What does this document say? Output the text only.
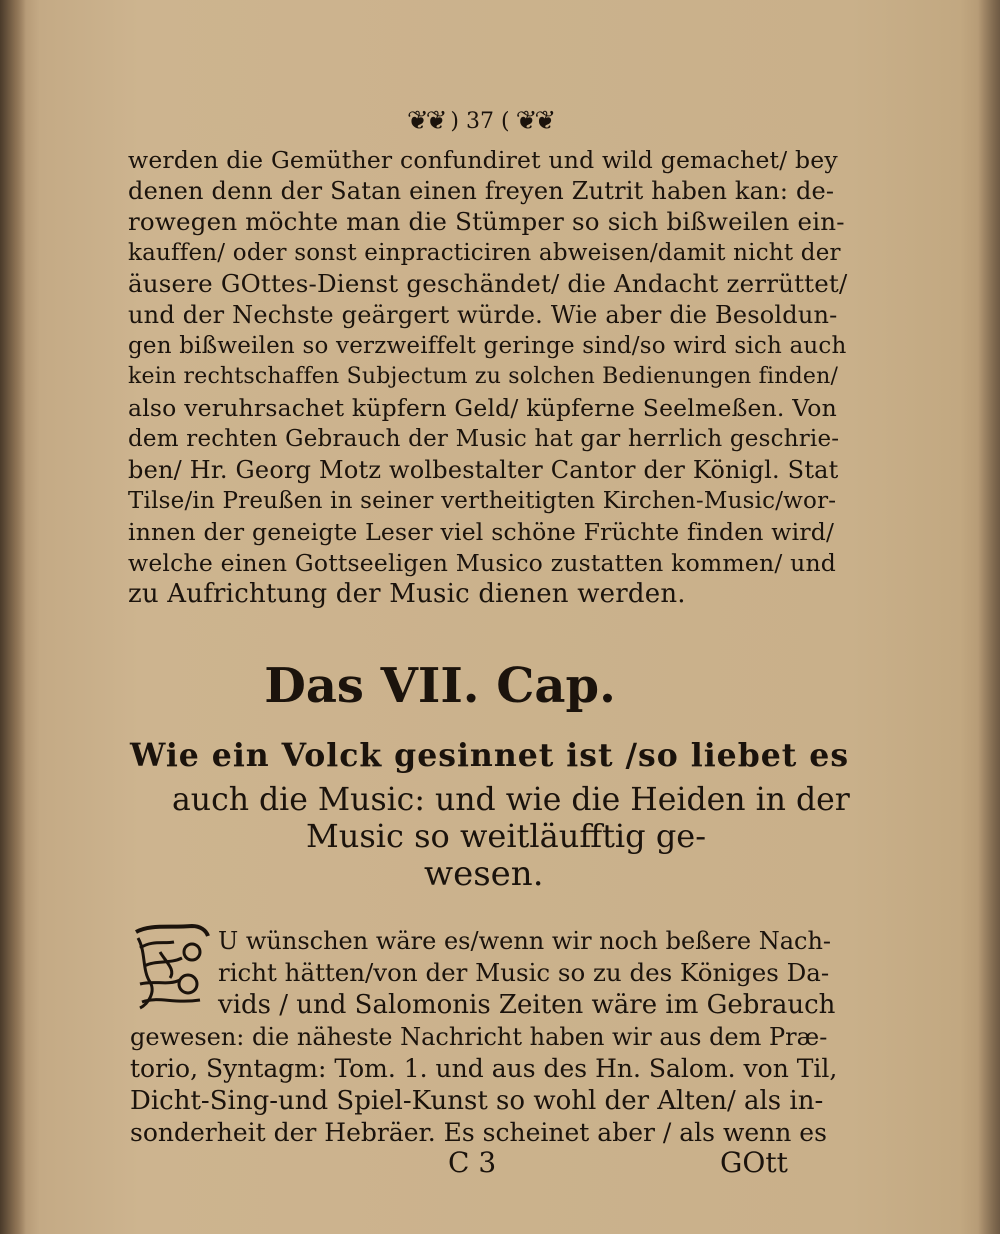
❦❦ ) 37 ( ❦❦
werden die Gemüther confundiret und wild gemachet/ bey
denen denn der Satan einen freyen Zutrit haben kan: de-
rowegen möchte man die Stümper so sich bißweilen ein-
kauffen/ oder sonst einpracticiren abweisen/damit nicht der
äusere GOttes-Dienst geschändet/ die Andacht zerrüttet/
und der Nechste geärgert würde. Wie aber die Besoldun-
gen bißweilen so verzweiffelt geringe sind/so wird sich auch
kein rechtschaffen Subjectum zu solchen Bedienungen finden/
also veruhrsachet küpfern Geld/ küpferne Seelmeßen. Von
dem rechten Gebrauch der Music hat gar herrlich geschrie-
ben/ Hr. Georg Motz wolbestalter Cantor der Königl. Stat
Tilse/in Preußen in seiner vertheitigten Kirchen-Music/wor-
innen der geneigte Leser viel schöne Früchte finden wird/
welche einen Gottseeligen Musico zustatten kommen/ und
zu Aufrichtung der Music dienen werden.
Das VII. Cap.
Wie ein Volck gesinnet ist /so liebet es
auch die Music: und wie die Heiden in der
Music so weitläufftig ge-
wesen.
U wünschen wäre es/wenn wir noch beßere Nach-
richt hätten/von der Music so zu des Königes Da-
vids / und Salomonis Zeiten wäre im Gebrauch
gewesen: die näheste Nachricht haben wir aus dem Præ-
torio, Syntagm: Tom. 1. und aus des Hn. Salom. von Til,
Dicht-Sing-und Spiel-Kunst so wohl der Alten/ als in-
sonderheit der Hebräer. Es scheinet aber / als wenn es
C 3	GOtt
